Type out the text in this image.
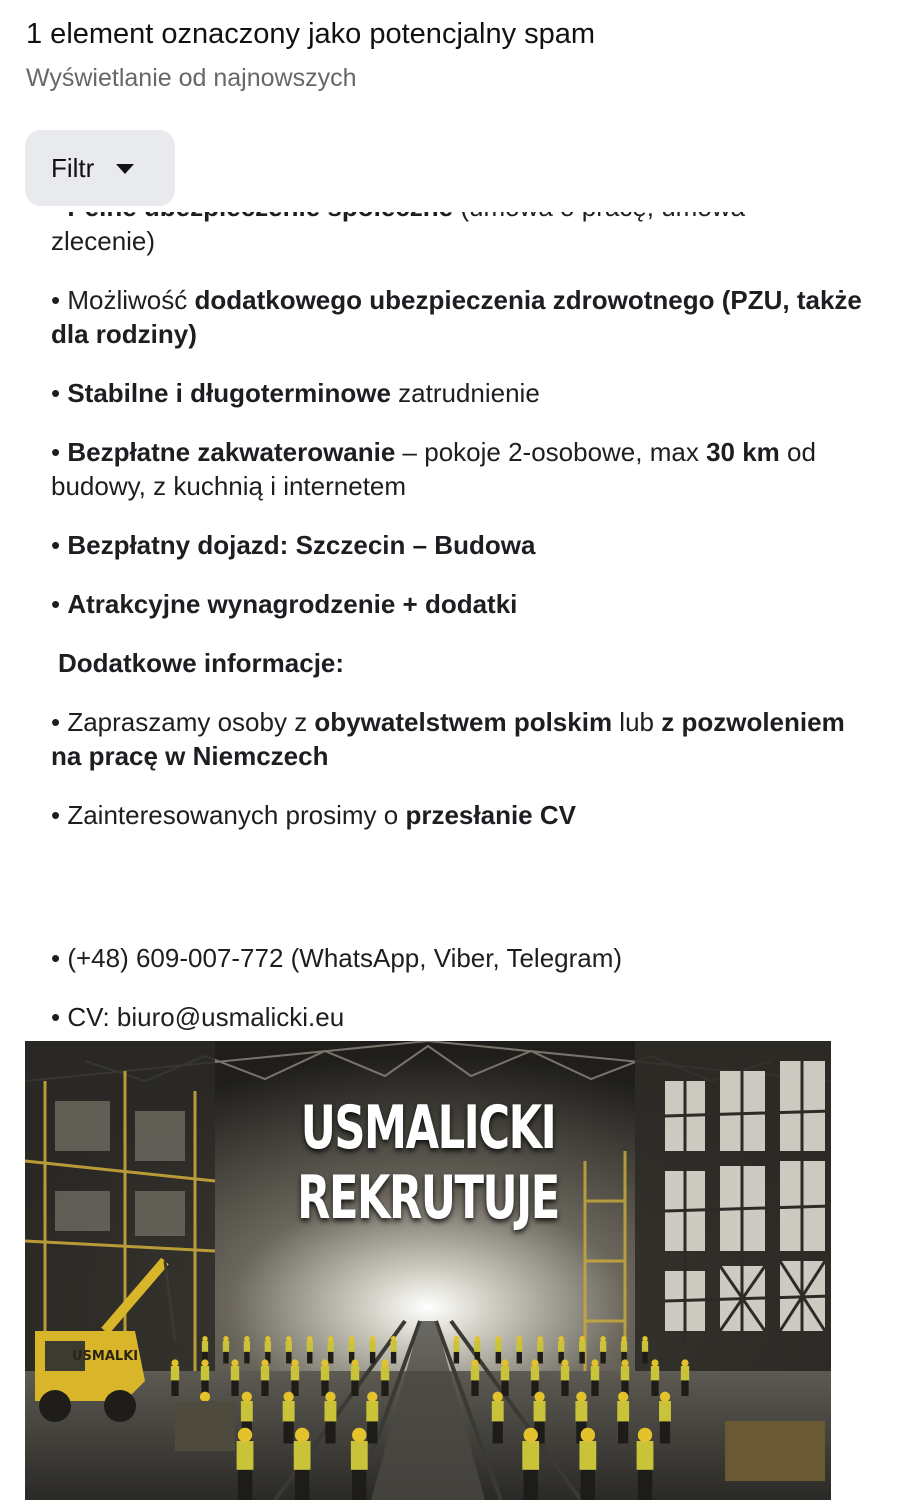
1 element oznaczony jako potencjalny spam
Wyświetlanie od najnowszych
Filtr

zlecenie)
• Możliwość dodatkowego ubezpieczenia zdrowotnego (PZU, także dla rodziny)
• Stabilne i długoterminowe zatrudnienie
• Bezpłatne zakwaterowanie – pokoje 2-osobowe, max 30 km od budowy, z kuchnią i internetem
• Bezpłatny dojazd: Szczecin – Budowa
• Atrakcyjne wynagrodzenie + dodatki
Dodatkowe informacje:
• Zapraszamy osoby z obywatelstwem polskim lub z pozwoleniem na pracę w Niemczech
• Zainteresowanych prosimy o przesłanie CV
• (+48) 609-007-772 (WhatsApp, Viber, Telegram)
• CV: biuro@usmalicki.eu
USMALICKI
REKRUTUJE
USMALKI
